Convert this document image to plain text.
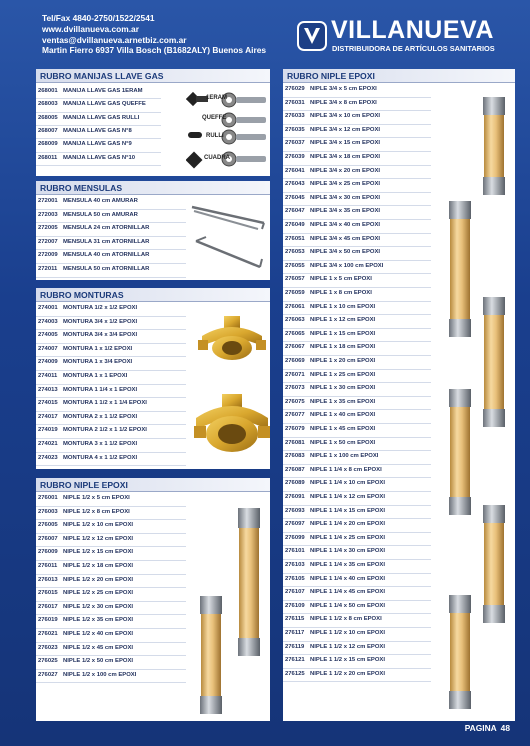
Tel/Fax 4840-2750/1522/2541
www.dvillanueva.com.ar
ventas@dvillanueva.arnetbiz.com.ar
Martin Fierro 6937 Villa Bosch (B1682ALY) Buenos Aires
VILLANUEVA
DISTRIBUIDORA DE ARTÍCULOS SANITARIOS
RUBRO MANIJAS LLAVE GAS
268001 MANIJA LLAVE GAS 1ERAM
268003 MANIJA LLAVE GAS QUEFFE
268005 MANIJA LLAVE GAS RULLI
268007 MANIJA LLAVE GAS N°8
268009 MANIJA LLAVE GAS N°9
268011 MANIJA LLAVE GAS N°10
1ERAM
QUEFFE
RULLI
CUADRA
RUBRO MENSULAS
272001 MENSULA 40 cm AMURAR
272003 MENSULA 50 cm AMURAR
272005 MENSULA 24 cm ATORNILLAR
272007 MENSULA 31 cm ATORNILLAR
272009 MENSULA 40 cm ATORNILLAR
272011 MENSULA 50 cm ATORNILLAR
RUBRO MONTURAS
274001 MONTURA 1/2 x 1/2 EPOXI
274003 MONTURA 3/4 x 1/2 EPOXI
274005 MONTURA 3/4 x 3/4 EPOXI
274007 MONTURA 1 x 1/2 EPOXI
274009 MONTURA 1 x 3/4 EPOXI
274011 MONTURA 1 x 1 EPOXI
274013 MONTURA 1 1/4 x 1 EPOXI
274015 MONTURA 1 1/2 x 1 1/4 EPOXI
274017 MONTURA 2 x 1 1/2 EPOXI
274019 MONTURA 2 1/2 x 1 1/2 EPOXI
274021 MONTURA 3 x 1 1/2 EPOXI
274023 MONTURA 4 x 1 1/2 EPOXI
RUBRO NIPLE EPOXI
276001 NIPLE 1/2 x 5 cm EPOXI
276003 NIPLE 1/2 x 8 cm EPOXI
276005 NIPLE 1/2 x 10 cm EPOXI
276007 NIPLE 1/2 x 12 cm EPOXI
276009 NIPLE 1/2 x 15 cm EPOXI
276011 NIPLE 1/2 x 18 cm EPOXI
276013 NIPLE 1/2 x 20 cm EPOXI
276015 NIPLE 1/2 x 25 cm EPOXI
276017 NIPLE 1/2 x 30 cm EPOXI
276019 NIPLE 1/2 x 35 cm EPOXI
276021 NIPLE 1/2 x 40 cm EPOXI
276023 NIPLE 1/2 x 45 cm EPOXI
276025 NIPLE 1/2 x 50 cm EPOXI
276027 NIPLE 1/2 x 100 cm EPOXI
RUBRO NIPLE EPOXI
276029 NIPLE 3/4 x 5 cm EPOXI
276031 NIPLE 3/4 x 8 cm EPOXI
276033 NIPLE 3/4 x 10 cm EPOXI
276035 NIPLE 3/4 x 12 cm EPOXI
276037 NIPLE 3/4 x 15 cm EPOXI
276039 NIPLE 3/4 x 18 cm EPOXI
276041 NIPLE 3/4 x 20 cm EPOXI
276043 NIPLE 3/4 x 25 cm EPOXI
276045 NIPLE 3/4 x 30 cm EPOXI
276047 NIPLE 3/4 x 35 cm EPOXI
276049 NIPLE 3/4 x 40 cm EPOXI
276051 NIPLE 3/4 x 45 cm EPOXI
276053 NIPLE 3/4 x 50 cm EPOXI
276055 NIPLE 3/4 x 100 cm EPOXI
276057 NIPLE 1 x 5 cm EPOXI
276059 NIPLE 1 x 8 cm EPOXI
276061 NIPLE 1 x 10 cm EPOXI
276063 NIPLE 1 x 12 cm EPOXI
276065 NIPLE 1 x 15 cm EPOXI
276067 NIPLE 1 x 18 cm EPOXI
276069 NIPLE 1 x 20 cm EPOXI
276071 NIPLE 1 x 25 cm EPOXI
276073 NIPLE 1 x 30 cm EPOXI
276075 NIPLE 1 x 35 cm EPOXI
276077 NIPLE 1 x 40 cm EPOXI
276079 NIPLE 1 x 45 cm EPOXI
276081 NIPLE 1 x 50 cm EPOXI
276083 NIPLE 1 x 100 cm EPOXI
276087 NIPLE 1 1/4 x 8 cm EPOXI
276089 NIPLE 1 1/4 x 10 cm EPOXI
276091 NIPLE 1 1/4 x 12 cm EPOXI
276093 NIPLE 1 1/4 x 15 cm EPOXI
276097 NIPLE 1 1/4 x 20 cm EPOXI
276099 NIPLE 1 1/4 x 25 cm EPOXI
276101 NIPLE 1 1/4 x 30 cm EPOXI
276103 NIPLE 1 1/4 x 35 cm EPOXI
276105 NIPLE 1 1/4 x 40 cm EPOXI
276107 NIPLE 1 1/4 x 45 cm EPOXI
276109 NIPLE 1 1/4 x 50 cm EPOXI
276115 NIPLE 1 1/2 x 8 cm EPOXI
276117 NIPLE 1 1/2 x 10 cm EPOXI
276119 NIPLE 1 1/2 x 12 cm EPOXI
276121 NIPLE 1 1/2 x 15 cm EPOXI
276125 NIPLE 1 1/2 x 20 cm EPOXI
PAGINA 48
